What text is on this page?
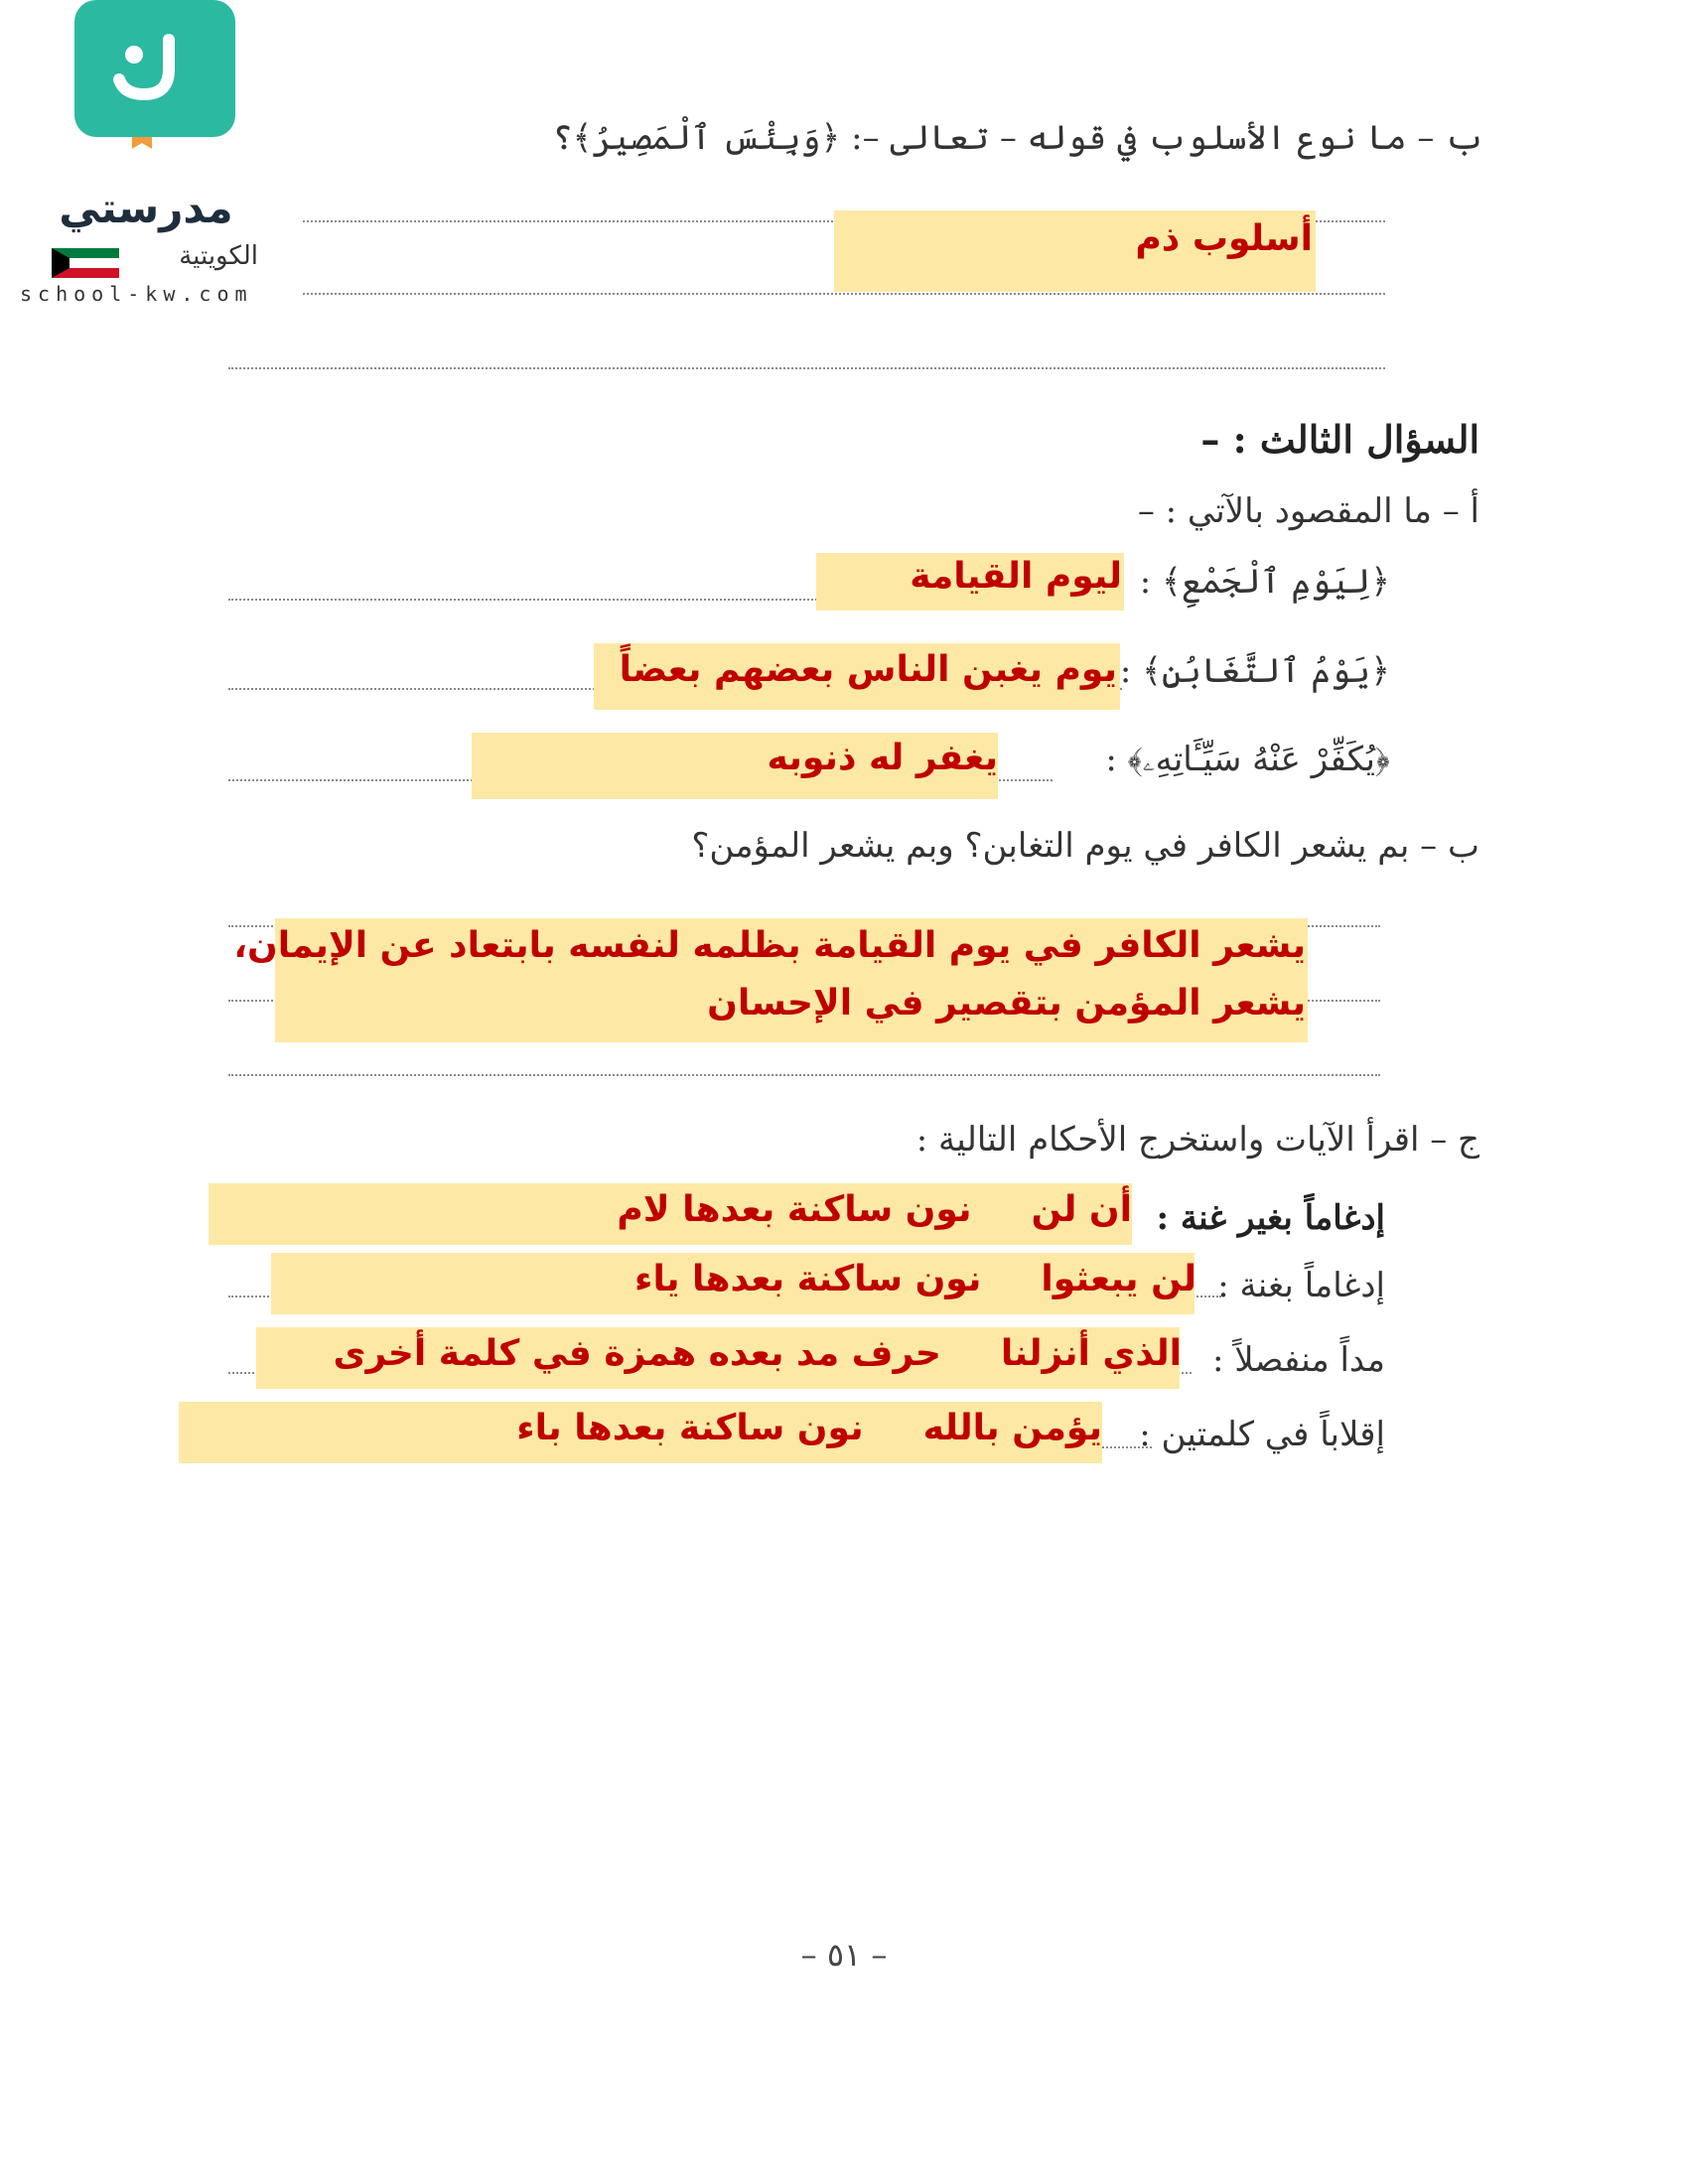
مدرستي
الكويتية
school-kw.com
ب – ما نوع الأسلوب في قوله – تعالى –: ﴿وَبِئْسَ ٱلْمَصِيرُ﴾؟
أسلوب ذم
السؤال الثالث : –
أ – ما المقصود بالآتي : –
﴿لِيَوْمِ ٱلْجَمْعِ﴾ :
ليوم القيامة
﴿يَوْمُ ٱلتَّغَابُنِ﴾ :
يوم يغبن الناس بعضهم بعضاً
﴿يُكَفِّرْ عَنْهُ سَيِّـَٔاتِهِۦ﴾ :
يغفر له ذنوبه
ب – بم يشعر الكافر في يوم التغابن؟ وبم يشعر المؤمن؟
يشعر الكافر في يوم القيامة بظلمه لنفسه بابتعاد عن الإيمان،
يشعر المؤمن بتقصير في الإحسان
ج – اقرأ الآيات واستخرج الأحكام التالية :
إدغاماً بغير غنة :
أن لننون ساكنة بعدها لام
إدغاماً بغنة :
لن يبعثوانون ساكنة بعدها ياء
مداً منفصلاً :
الذي أنزلناحرف مد بعده همزة في كلمة أخرى
إقلاباً في كلمتين :
يؤمن باللهنون ساكنة بعدها باء
– ٥١ –
